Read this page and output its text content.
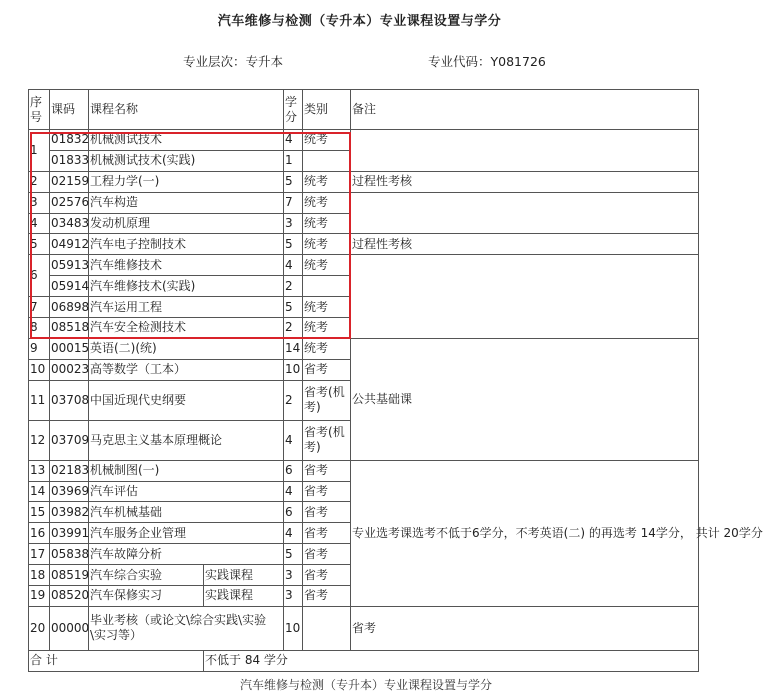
汽车维修与检测（专升本）专业课程设置与学分
专业层次：专升本	专业代码：Y081726
序号	课码	课程名称		学分	类别	备注
1	01832	机械测试技术		4	统考	
	01833	机械测试技术(实践)		1		
2	02159	工程力学(一)		5	统考	过程性考核
3	02576	汽车构造		7	统考	
4	03483	发动机原理		3	统考	
5	04912	汽车电子控制技术		5	统考	过程性考核
6	05913	汽车维修技术		4	统考	
	05914	汽车维修技术(实践)		2		
7	06898	汽车运用工程		5	统考	
8	08518	汽车安全检测技术		2	统考	
9	00015	英语(二)(统)		14	统考	公共基础课
10	00023	高等数学（工本）		10	省考	
11	03708	中国近现代史纲要		2	省考(机考)	
12	03709	马克思主义基本原理概论		4	省考(机考)	
13	02183	机械制图(一)		6	省考	专业选考课选考不低于6学分，不考英语(二) 的再选考 14学分， 共计 20学分
14	03969	汽车评估		4	省考	
15	03982	汽车机械基础		6	省考	
16	03991	汽车服务企业管理		4	省考	
17	05838	汽车故障分析		5	省考	
18	08519	汽车综合实验	实践课程	3	省考	
19	08520	汽车保修实习	实践课程	3	省考	
20	00000	毕业考核（或论文\综合实践\实验\实习等）		10		省考
合 计			不低于 84 学分			
汽车维修与检测（专升本）专业课程设置与学分
